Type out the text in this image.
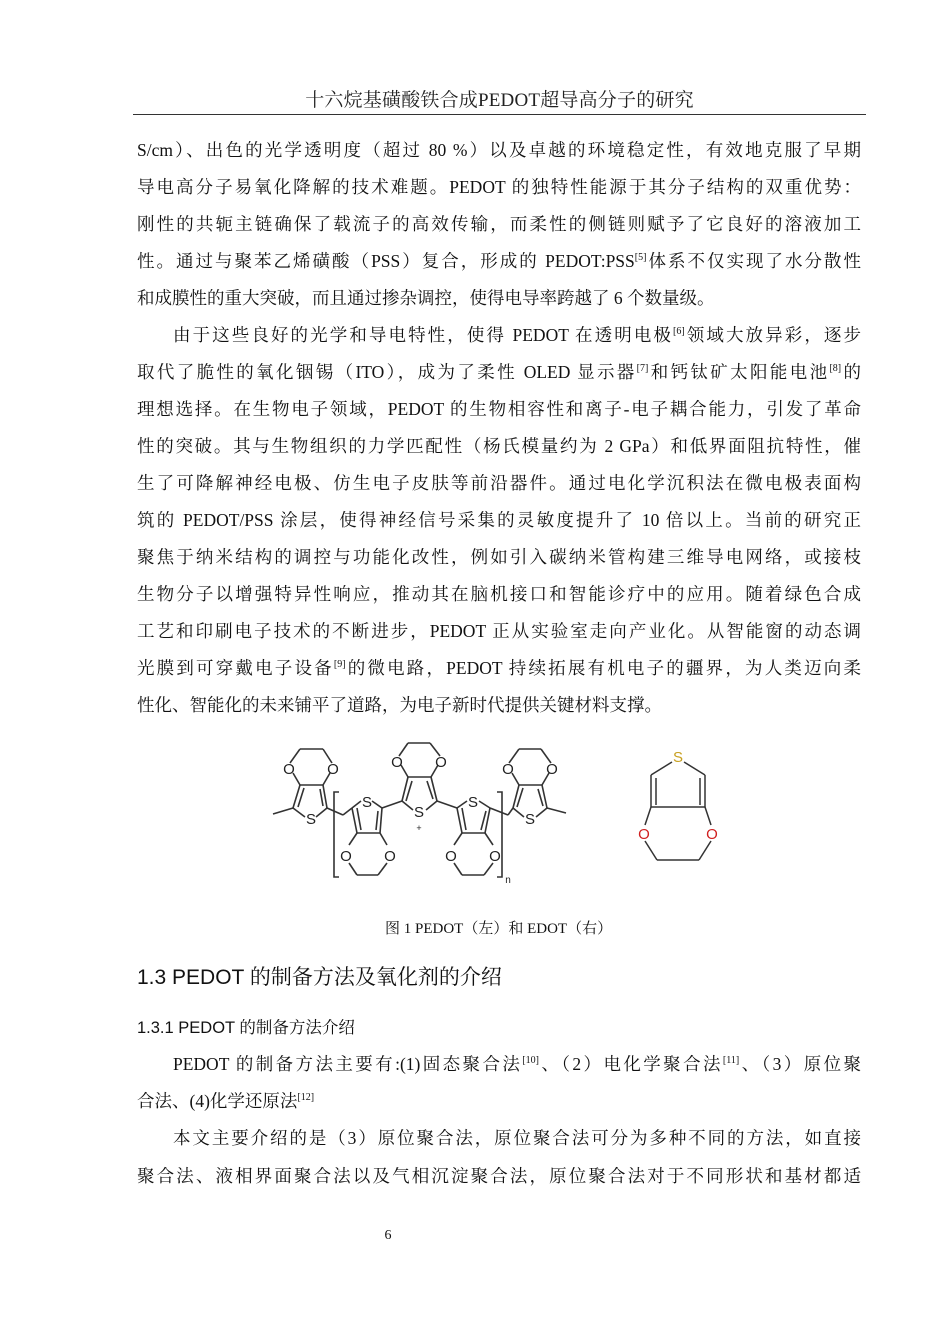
十六烷基磺酸铁合成PEDOT超导高分子的研究
S/cm）、出色的光学透明度（超过 80 %）以及卓越的环境稳定性，有效地克服了早期
导电高分子易氧化降解的技术难题。PEDOT 的独特性能源于其分子结构的双重优势：
刚性的共轭主链确保了载流子的高效传输，而柔性的侧链则赋予了它良好的溶液加工
性。通过与聚苯乙烯磺酸（PSS）复合，形成的 PEDOT:PSS[5]体系不仅实现了水分散性
和成膜性的重大突破，而且通过掺杂调控，使得电导率跨越了 6 个数量级。
由于这些良好的光学和导电特性，使得 PEDOT 在透明电极[6]领域大放异彩，逐步
取代了脆性的氧化铟锡（ITO），成为了柔性 OLED 显示器[7]和钙钛矿太阳能电池[8]的
理想选择。在生物电子领域，PEDOT 的生物相容性和离子-电子耦合能力，引发了革命
性的突破。其与生物组织的力学匹配性（杨氏模量约为 2 GPa）和低界面阻抗特性，催
生了可降解神经电极、仿生电子皮肤等前沿器件。通过电化学沉积法在微电极表面构
筑的 PEDOT/PSS 涂层，使得神经信号采集的灵敏度提升了 10 倍以上。当前的研究正
聚焦于纳米结构的调控与功能化改性，例如引入碳纳米管构建三维导电网络，或接枝
生物分子以增强特异性响应，推动其在脑机接口和智能诊疗中的应用。随着绿色合成
工艺和印刷电子技术的不断进步，PEDOT 正从实验室走向产业化。从智能窗的动态调
光膜到可穿戴电子设备[9]的微电路，PEDOT 持续拓展有机电子的疆界，为人类迈向柔
性化、智能化的未来铺平了道路，为电子新时代提供关键材料支撑。
O O
S
S
O O
O O
S
+
S
O O
O O
S
n
S
O	O
图 1 PEDOT（左）和 EDOT（右）
1.3 PEDOT 的制备方法及氧化剂的介绍
1.3.1 PEDOT 的制备方法介绍
PEDOT 的制备方法主要有:(1)固态聚合法[10]、（2）电化学聚合法[11]、（3）原位聚
合法、(4)化学还原法[12]
本文主要介绍的是（3）原位聚合法，原位聚合法可分为多种不同的方法，如直接
聚合法、液相界面聚合法以及气相沉淀聚合法，原位聚合法对于不同形状和基材都适
6
